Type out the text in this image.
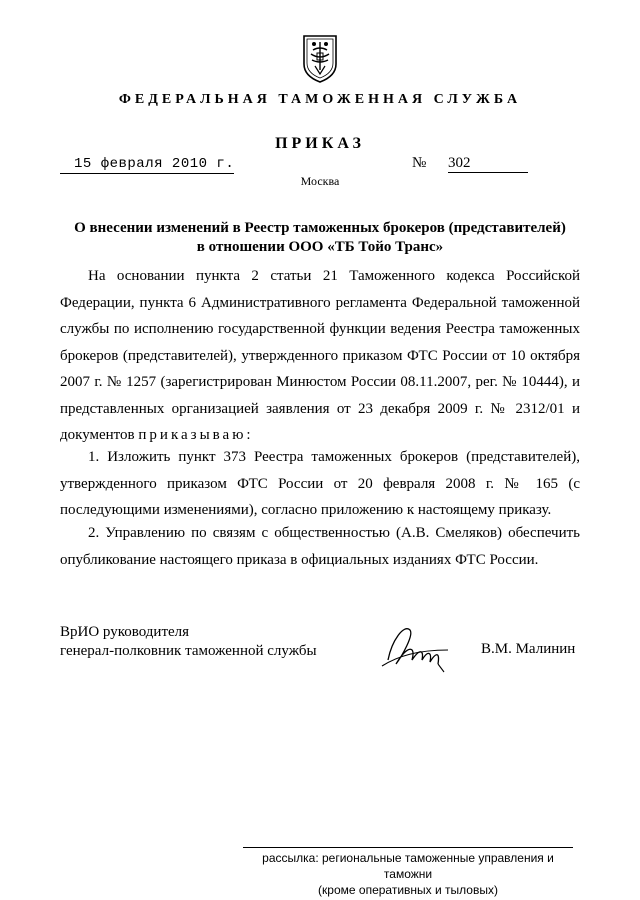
ФЕДЕРАЛЬНАЯ ТАМОЖЕННАЯ СЛУЖБА
ПРИКАЗ
15 февраля 2010 г.	№ 302
Москва
О внесении изменений в Реестр таможенных брокеров (представителей)
в отношении ООО «ТБ Тойо Транс»
На основании пункта 2 статьи 21 Таможенного кодекса Российской Федерации, пункта 6 Административного регламента Федеральной таможенной службы по исполнению государственной функции ведения Реестра таможенных брокеров (представителей), утвержденного приказом ФТС России от 10 октября 2007 г. № 1257 (зарегистрирован Минюстом России 08.11.2007, рег. № 10444), и представленных организацией заявления от 23 декабря 2009 г. № 2312/01 и документов приказываю:
1. Изложить пункт 373 Реестра таможенных брокеров (представителей), утвержденного приказом ФТС России от 20 февраля 2008 г. № 165 (с последующими изменениями), согласно приложению к настоящему приказу.
2. Управлению по связям с общественностью (А.В. Смеляков) обеспечить опубликование настоящего приказа в официальных изданиях ФТС России.
ВрИО руководителя
генерал-полковник таможенной службы	В.М. Малинин
рассылка: региональные таможенные управления и таможни
(кроме оперативных и тыловых)
